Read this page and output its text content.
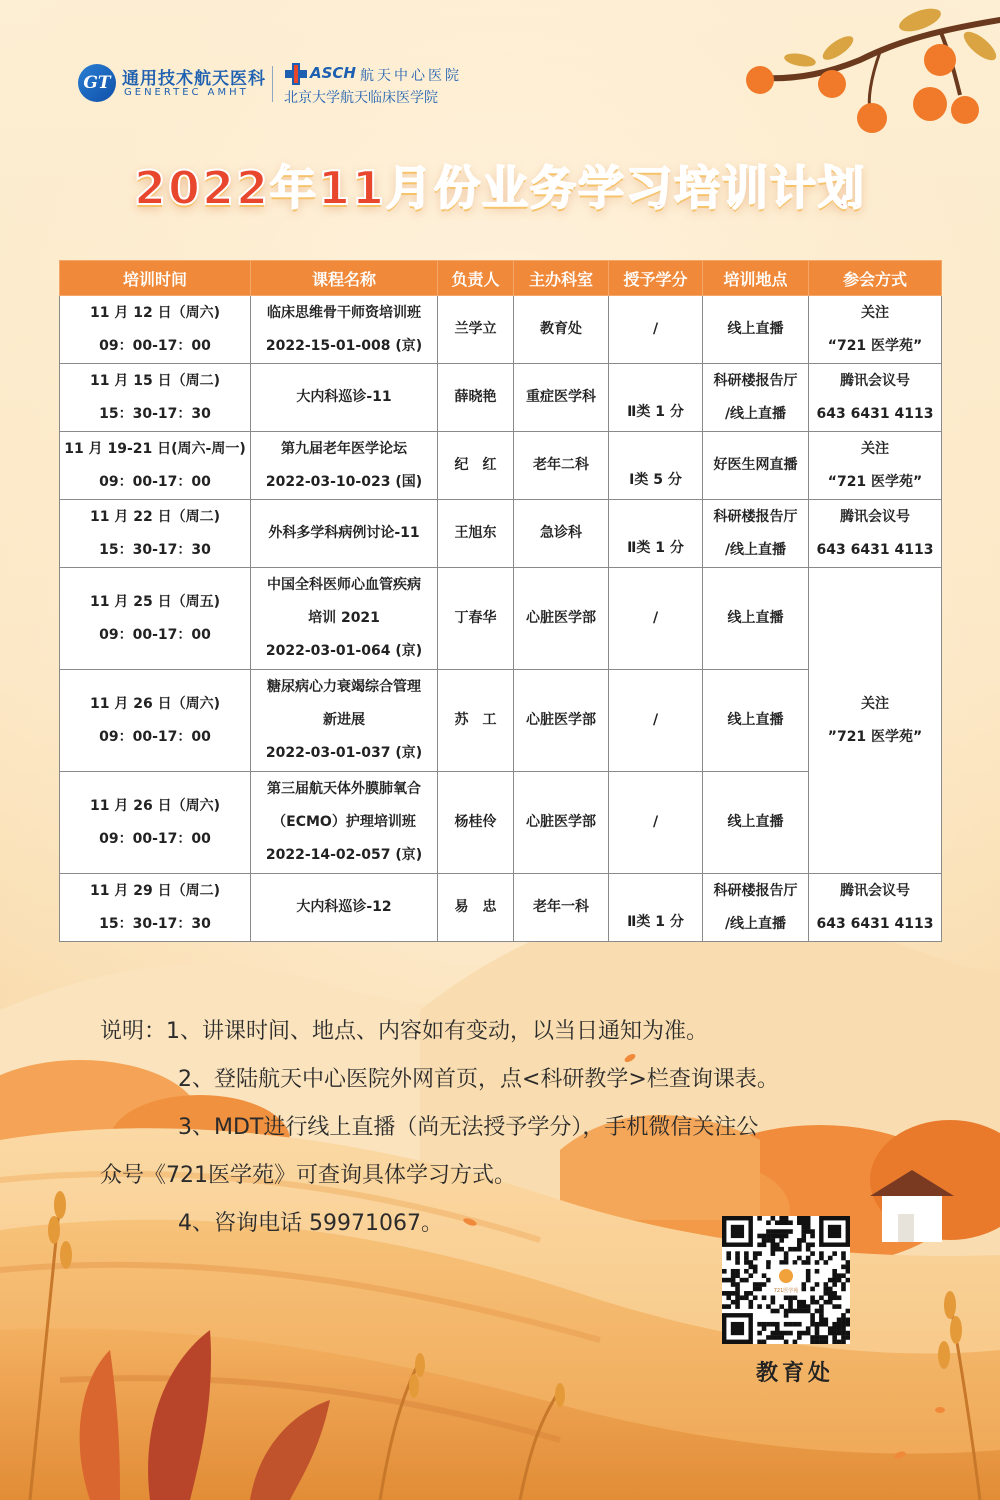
GT 通用技术航天医科
GENERTEC AMHT
ASCH 航天中心医院
北京大学航天临床医学院
2022年11月份业务学习培训计划
培训时间	课程名称	负责人	主办科室	授予学分	培训地点	参会方式

11 月 12 日（周六)
09：00-17：00	临床思维骨干师资培训班
2022-15-01-008 (京)	兰学立	教育处	/	线上直播	关注
“721 医学苑”

11 月 15 日（周二)
15：30-17：30	大内科巡诊-11	薛晓艳	重症医学科	Ⅱ类 1 分	科研楼报告厅
/线上直播	腾讯会议号
643 6431 4113

11 月 19-21 日(周六-周一)
09：00-17：00	第九届老年医学论坛
2022-03-10-023 (国)	纪　红	老年二科	Ⅰ类 5 分	好医生网直播	关注
“721 医学苑”

11 月 22 日（周二)
15：30-17：30	外科多学科病例讨论-11	王旭东	急诊科	Ⅱ类 1 分	科研楼报告厅
/线上直播	腾讯会议号
643 6431 4113

11 月 25 日（周五)
09：00-17：00	中国全科医师心血管疾病
培训 2021
2022-03-01-064 (京)	丁春华	心脏医学部	/	线上直播	关注
”721 医学苑”

11 月 26 日（周六)
09：00-17：00	糖尿病心力衰竭综合管理
新进展
2022-03-01-037 (京)	苏　工	心脏医学部	/	线上直播	

11 月 26 日（周六)
09：00-17：00	第三届航天体外膜肺氧合
（ECMO）护理培训班
2022-14-02-057 (京)	杨桂伶	心脏医学部	/	线上直播	

11 月 29 日（周二)
15：30-17：30	大内科巡诊-12	易　忠	老年一科	Ⅱ类 1 分	科研楼报告厅
/线上直播	腾讯会议号
643 6431 4113
说明：1、讲课时间、地点、内容如有变动，以当日通知为准。
2、登陆航天中心医院外网首页，点<科研教学>栏查询课表。
3、MDT进行线上直播（尚无法授予学分），手机微信关注公
众号《721医学苑》可查询具体学习方式。
4、咨询电话 59971067。
721医学苑
教育处
